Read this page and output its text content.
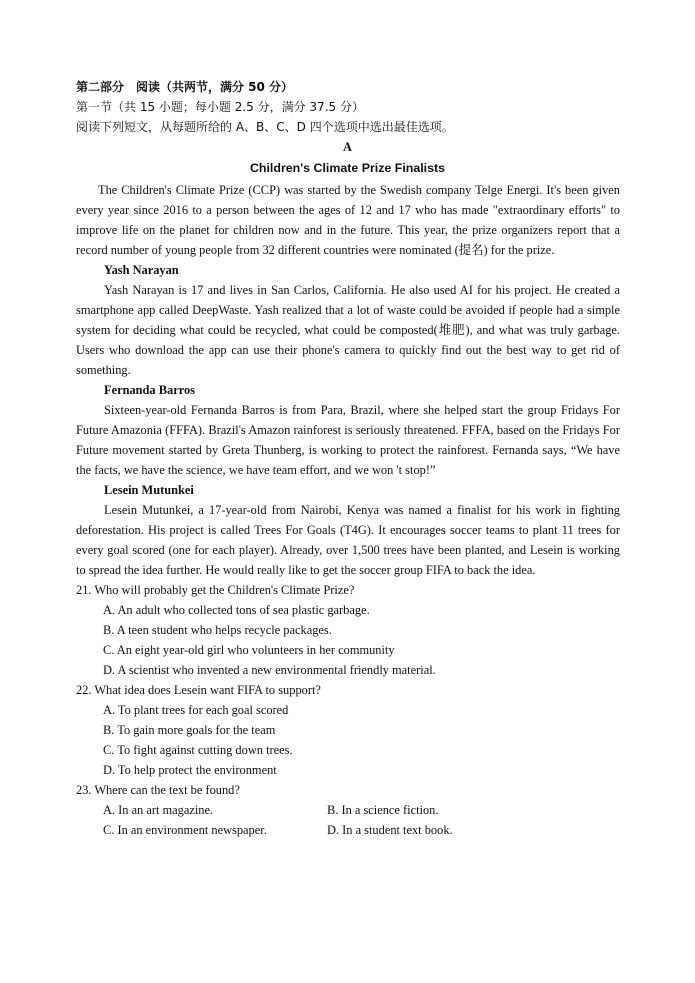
第二部分　阅读（共两节，满分 50 分）
第一节（共 15 小题；每小题 2.5 分，满分 37.5 分）
阅读下列短文，从每题所给的 A、B、C、D 四个选项中选出最佳选项。
A
Children's Climate Prize Finalists

The Children's Climate Prize (CCP) was started by the Swedish company Telge Energi. It's been given every year since 2016 to a person between the ages of 12 and 17 who has made "extraordinary efforts" to improve life on the planet for children now and in the future. This year, the prize organizers report that a record number of young people from 32 different countries were nominated (提名) for the prize.

Yash Narayan

Yash Narayan is 17 and lives in San Carlos, California. He also used AI for his project. He created a smartphone app called DeepWaste. Yash realized that a lot of waste could be avoided if people had a simple system for deciding what could be recycled, what could be composted(堆肥), and what was truly garbage. Users who download the app can use their phone's camera to quickly find out the best way to get rid of something.

Fernanda Barros

Sixteen-year-old Fernanda Barros is from Para, Brazil, where she helped start the group Fridays For Future Amazonia (FFFA). Brazil's Amazon rainforest is seriously threatened. FFFA, based on the Fridays For Future movement started by Greta Thunberg, is working to protect the rainforest. Fernanda says, “We have the facts, we have the science, we have team effort, and we won 't stop!”

Lesein Mutunkei

Lesein Mutunkei, a 17-year-old from Nairobi, Kenya was named a finalist for his work in fighting deforestation. His project is called Trees For Goals (T4G). It encourages soccer teams to plant 11 trees for every goal scored (one for each player). Already, over 1,500 trees have been planted, and Lesein is working to spread the idea further. He would really like to get the soccer group FIFA to back the idea.

21. Who will probably get the Children's Climate Prize?

A. An adult who collected tons of sea plastic garbage.

B. A teen student who helps recycle packages.

C. An eight year-old girl who volunteers in her community

D. A scientist who invented a new environmental friendly material.

22. What idea does Lesein want FIFA to support?

A. To plant trees for each goal scored

B. To gain more goals for the team

C. To fight against cutting down trees.

D. To help protect the environment

23. Where can the text be found?

A. In an art magazine.	B. In a science fiction.

C. In an environment newspaper.	D. In a student text book.
